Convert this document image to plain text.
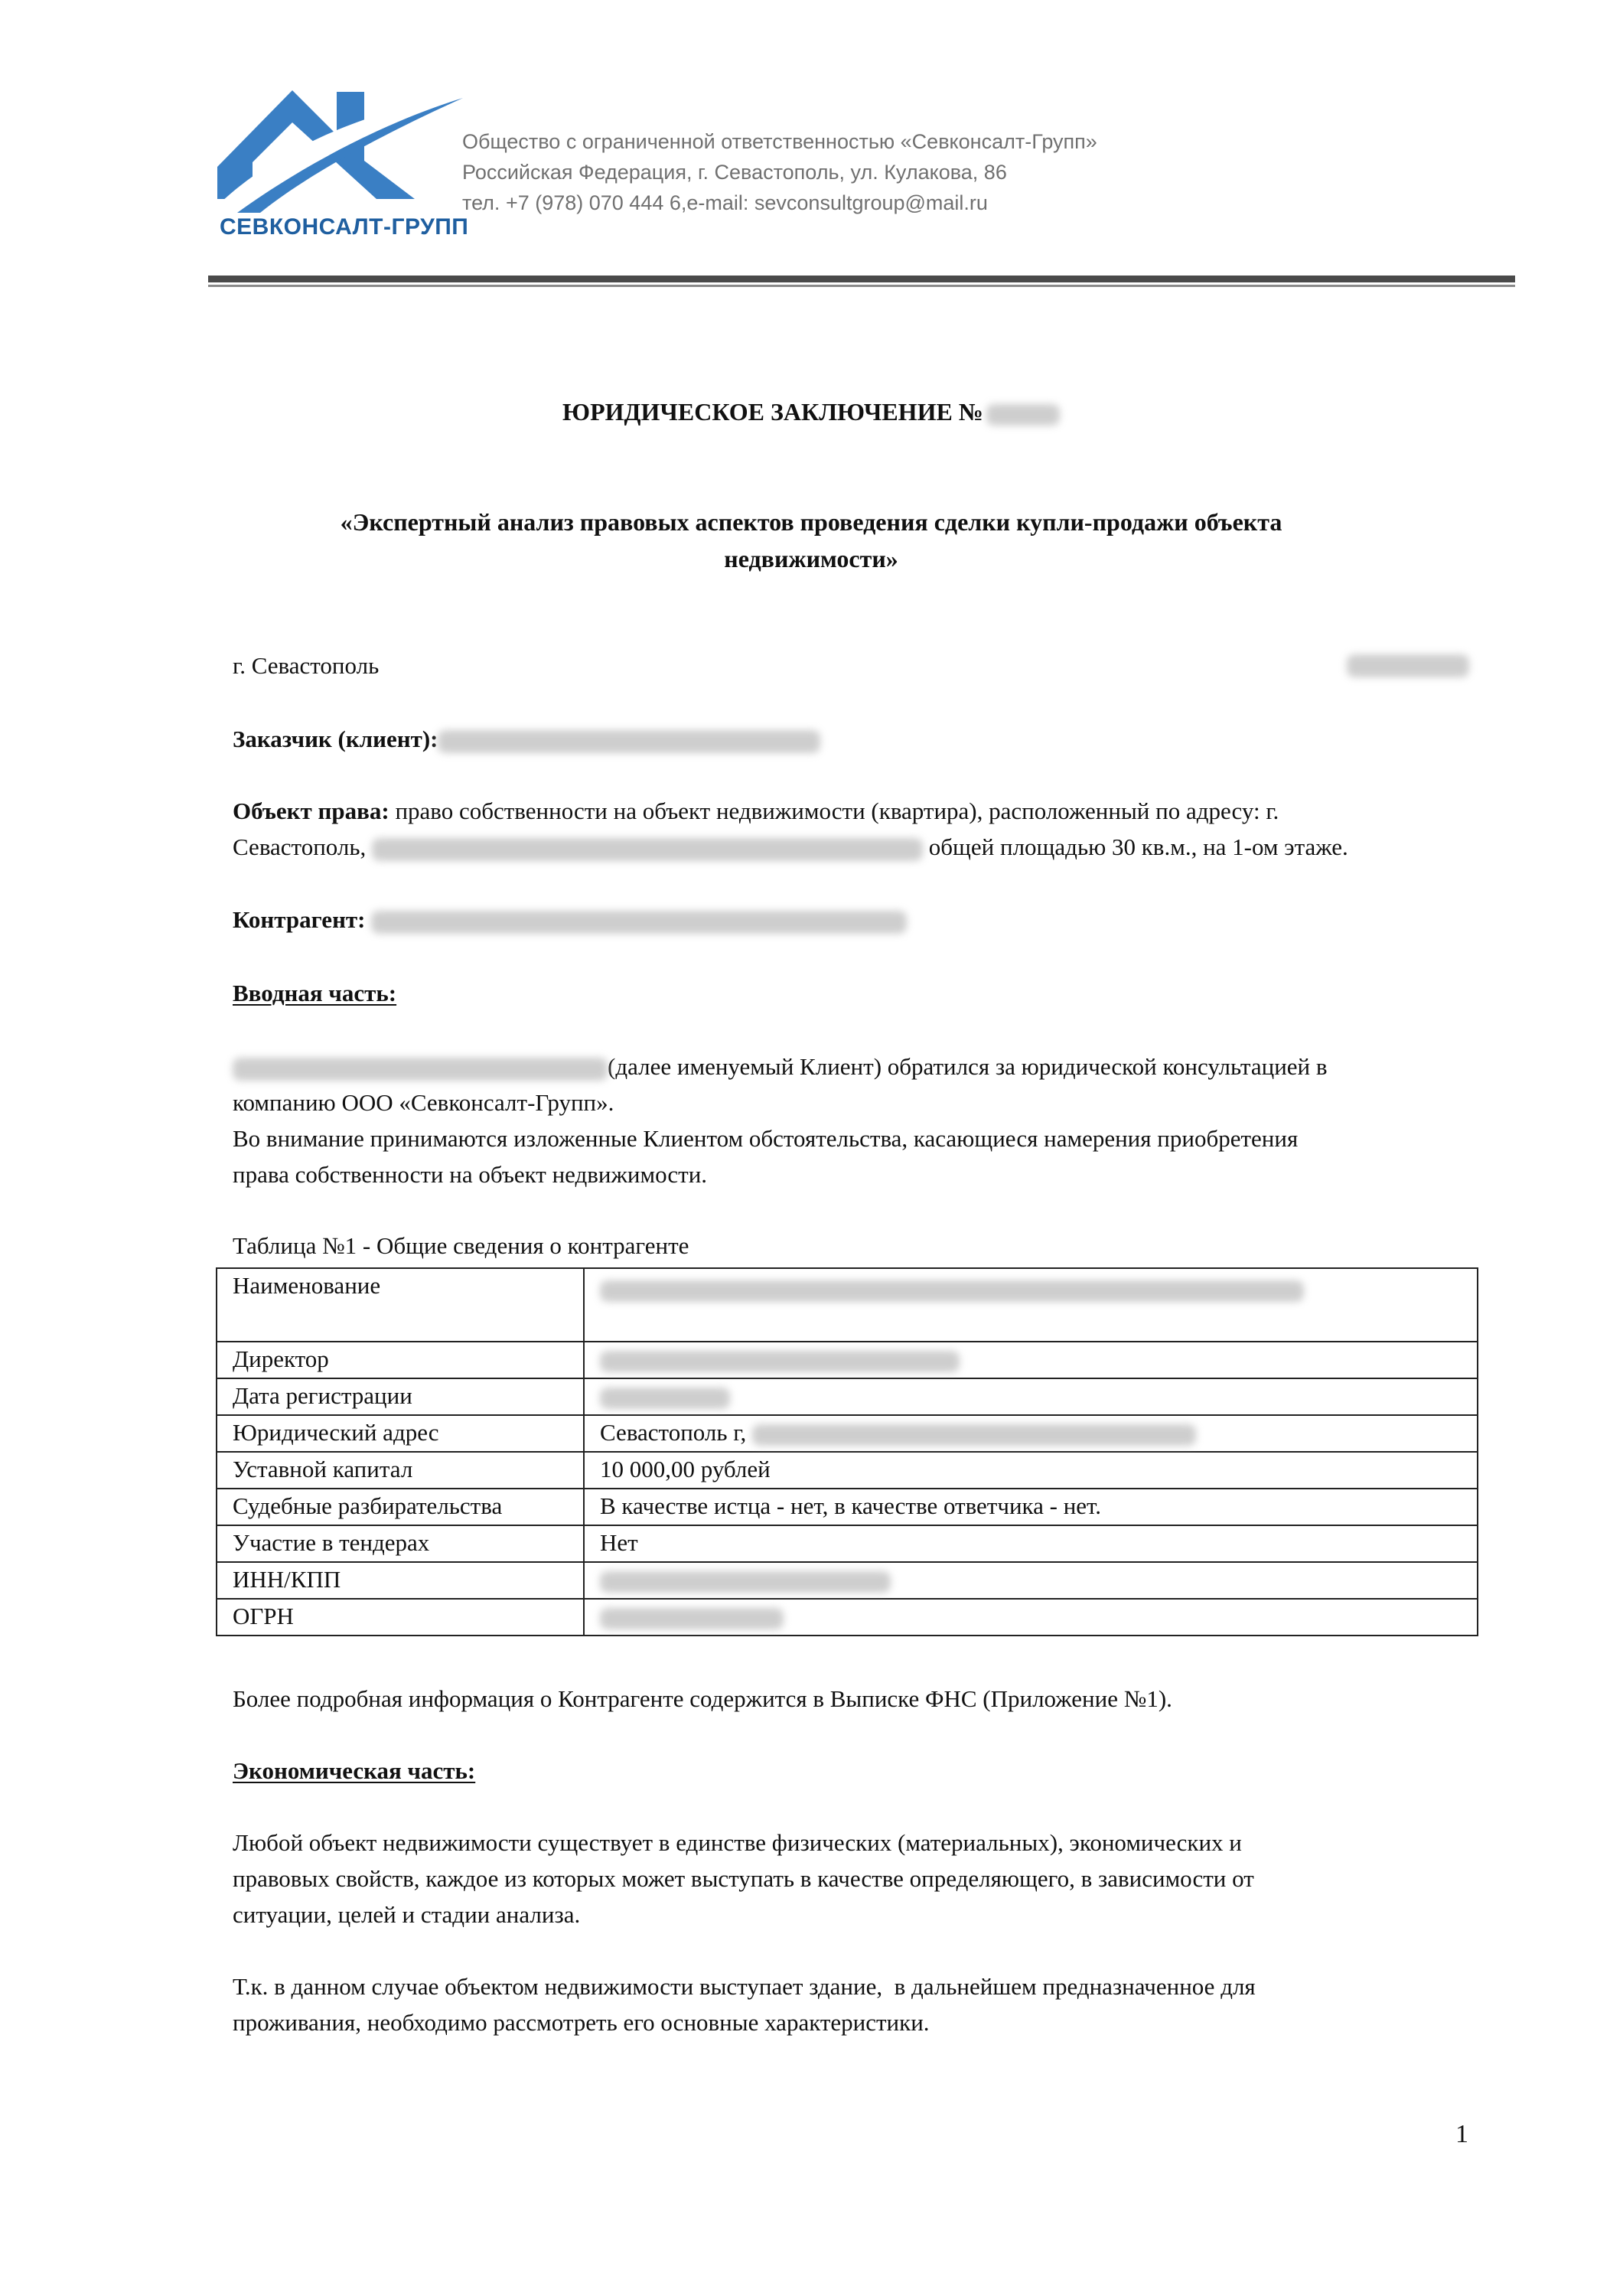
СЕВКОНСАЛТ-ГРУПП
Общество с ограниченной ответственностью «Севконсалт-Групп»
Российская Федерация, г. Севастополь, ул. Кулакова, 86
тел. +7 (978) 070 444 6,e-mail: sevconsultgroup@mail.ru
ЮРИДИЧЕСКОЕ ЗАКЛЮЧЕНИЕ №
«Экспертный анализ правовых аспектов проведения сделки купли-продажи объекта
недвижимости»
г. Севастополь
Заказчик (клиент):
Объект права: право собственности на объект недвижимости (квартира), расположенный по адресу: г.
Севастополь,	общей площадью 30 кв.м., на 1-ом этаже.
Контрагент:
Вводная часть:
(далее именуемый Клиент) обратился за юридической консультацией в
компанию ООО «Севконсалт-Групп».
Во внимание принимаются изложенные Клиентом обстоятельства, касающиеся намерения приобретения
права собственности на объект недвижимости.
Таблица №1 - Общие сведения о контрагенте
Наименование	
Директор	
Дата регистрации	
Юридический адрес	Севастополь г,
Уставной капитал	10 000,00 рублей
Судебные разбирательства	В качестве истца - нет, в качестве ответчика - нет.
Участие в тендерах	Нет
ИНН/КПП	
ОГРН	
Более подробная информация о Контрагенте содержится в Выписке ФНС (Приложение №1).
Экономическая часть:
Любой объект недвижимости существует в единстве физических (материальных), экономических и
правовых свойств, каждое из которых может выступать в качестве определяющего, в зависимости от
ситуации, целей и стадии анализа.
Т.к. в данном случае объектом недвижимости выступает здание,  в дальнейшем предназначенное для
проживания, необходимо рассмотреть его основные характеристики.
1
